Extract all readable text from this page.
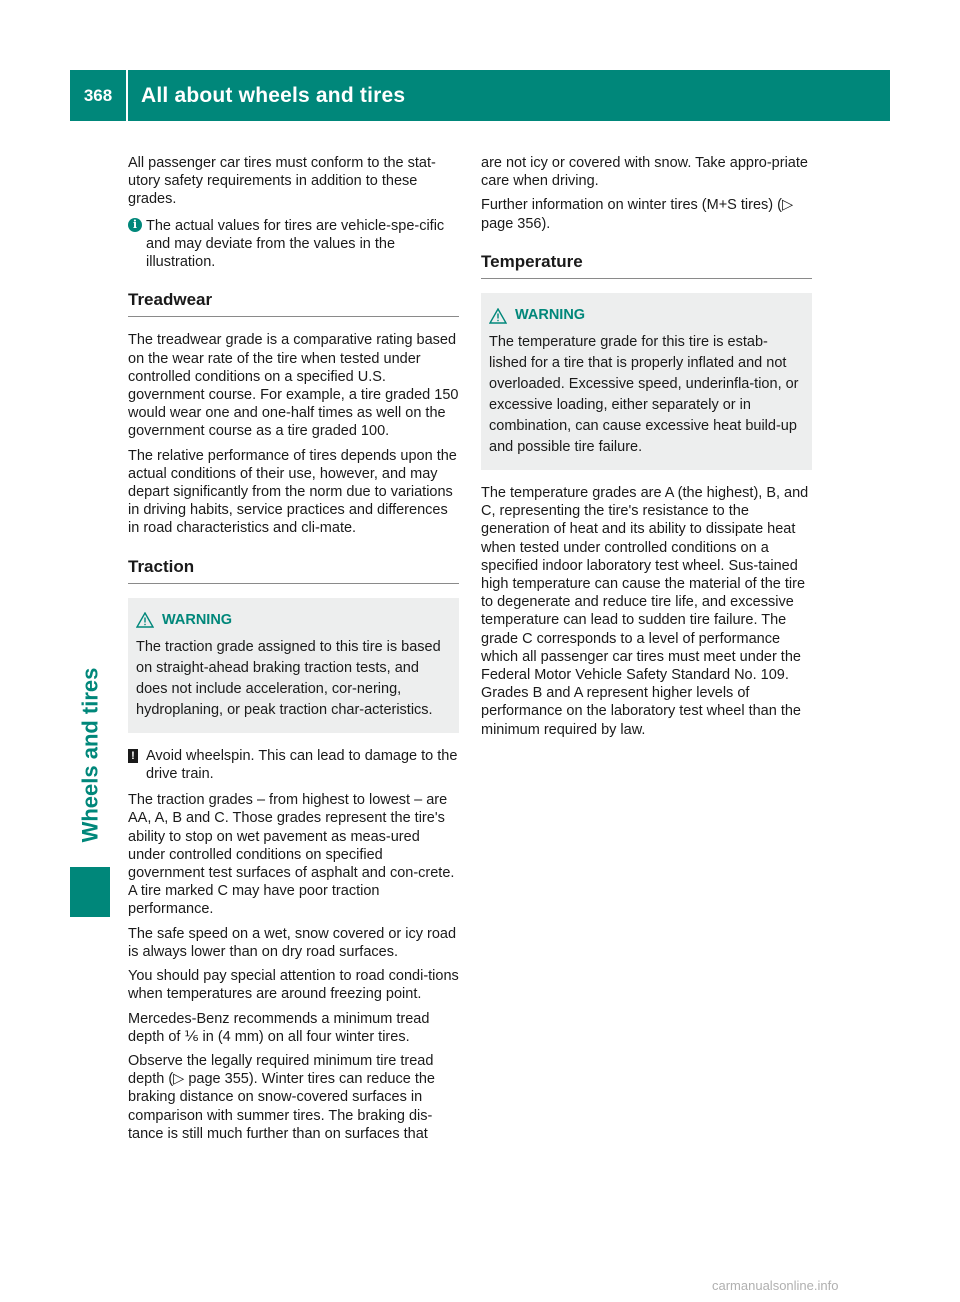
368	All about wheels and tires
Wheels and tires

All passenger car tires must conform to the stat-utory safety requirements in addition to these grades.

i The actual values for tires are vehicle-spe-cific and may deviate from the values in the illustration.
Treadwear

The treadwear grade is a comparative rating based on the wear rate of the tire when tested under controlled conditions on a specified U.S. government course. For example, a tire graded 150 would wear one and one-half times as well on the government course as a tire graded 100.

The relative performance of tires depends upon the actual conditions of their use, however, and may depart significantly from the norm due to variations in driving habits, service practices and differences in road characteristics and cli-mate.

Traction
WARNING
The traction grade assigned to this tire is based on straight-ahead braking traction tests, and does not include acceleration, cor-nering, hydroplaning, or peak traction char-acteristics.
! Avoid wheelspin. This can lead to damage to the drive train.

The traction grades – from highest to lowest – are AA, A, B and C. Those grades represent the tire's ability to stop on wet pavement as meas-ured under controlled conditions on specified government test surfaces of asphalt and con-crete. A tire marked C may have poor traction performance.

The safe speed on a wet, snow covered or icy road is always lower than on dry road surfaces.

You should pay special attention to road condi-tions when temperatures are around freezing point.

Mercedes-Benz recommends a minimum tread depth of ⅙ in (4 mm) on all four winter tires.

Observe the legally required minimum tire tread depth (▷ page 355). Winter tires can reduce the braking distance on snow-covered surfaces in comparison with summer tires. The braking dis-tance is still much further than on surfaces that

are not icy or covered with snow. Take appro-priate care when driving.

Further information on winter tires (M+S tires) (▷ page 356).

Temperature
WARNING
The temperature grade for this tire is estab-lished for a tire that is properly inflated and not overloaded. Excessive speed, underinfla-tion, or excessive loading, either separately or in combination, can cause excessive heat build-up and possible tire failure.

The temperature grades are A (the highest), B, and C, representing the tire's resistance to the generation of heat and its ability to dissipate heat when tested under controlled conditions on a specified indoor laboratory test wheel. Sus-tained high temperature can cause the material of the tire to degenerate and reduce tire life, and excessive temperature can lead to sudden tire failure. The grade C corresponds to a level of performance which all passenger car tires must meet under the Federal Motor Vehicle Safety Standard No. 109. Grades B and A represent higher levels of performance on the laboratory test wheel than the minimum required by law.

carmanualsonline.info
